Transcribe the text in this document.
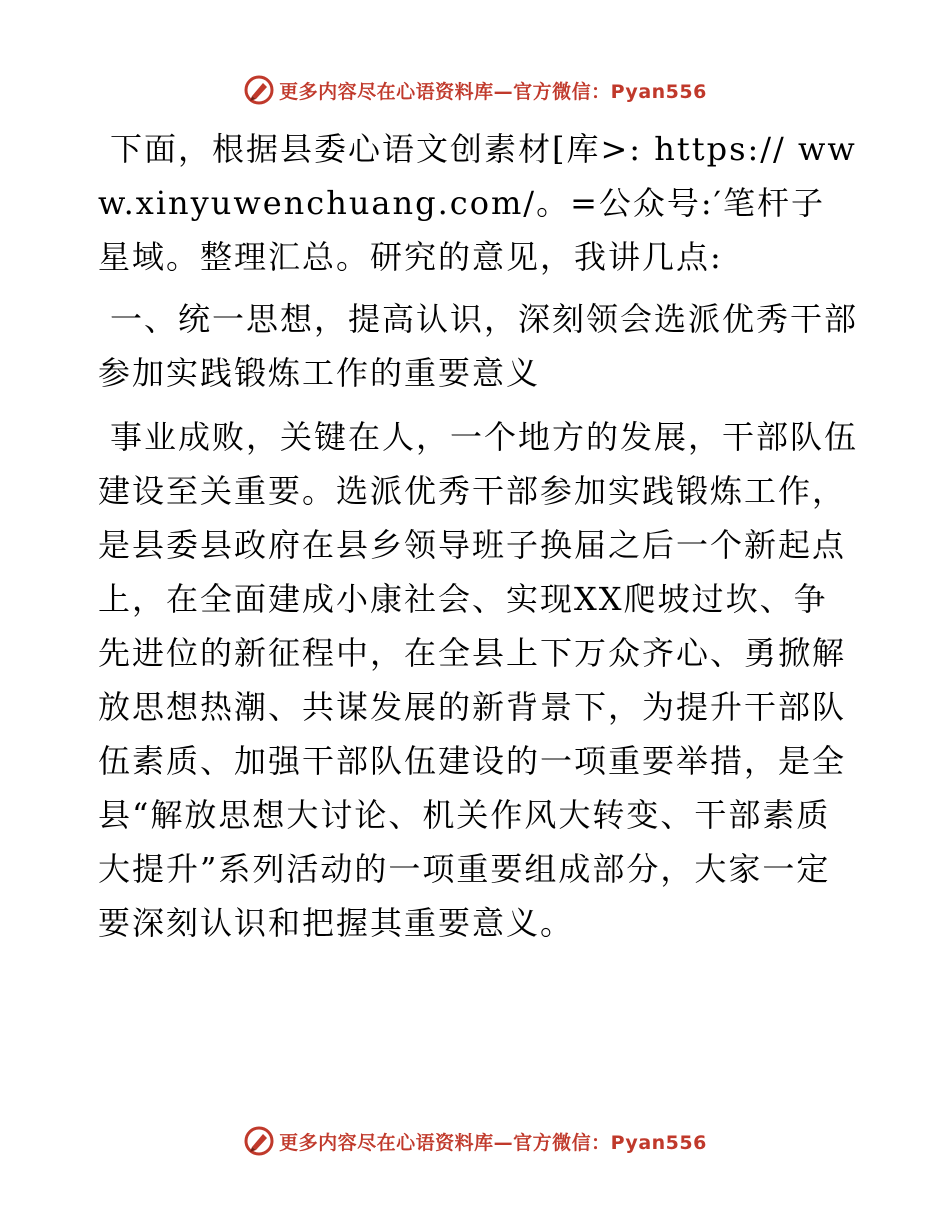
更多内容尽在心语资料库—官方微信：Pyan556

下面，根据县委心语文创素材[库>: https:// www.xinyuwenchuang.com/。=公众号:′笔杆子星域。整理汇总。研究的意见，我讲几点:

一、统一思想，提高认识，深刻领会选派优秀干部参加实践锻炼工作的重要意义

事业成败，关键在人，一个地方的发展，干部队伍建设至关重要。选派优秀干部参加实践锻炼工作，是县委县政府在县乡领导班子换届之后一个新起点上，在全面建成小康社会、实现XX爬坡过坎、争先进位的新征程中，在全县上下万众齐心、勇掀解放思想热潮、共谋发展的新背景下，为提升干部队伍素质、加强干部队伍建设的一项重要举措，是全县“解放思想大讨论、机关作风大转变、干部素质大提升”系列活动的一项重要组成部分，大家一定要深刻认识和把握其重要意义。

更多内容尽在心语资料库—官方微信：Pyan556
